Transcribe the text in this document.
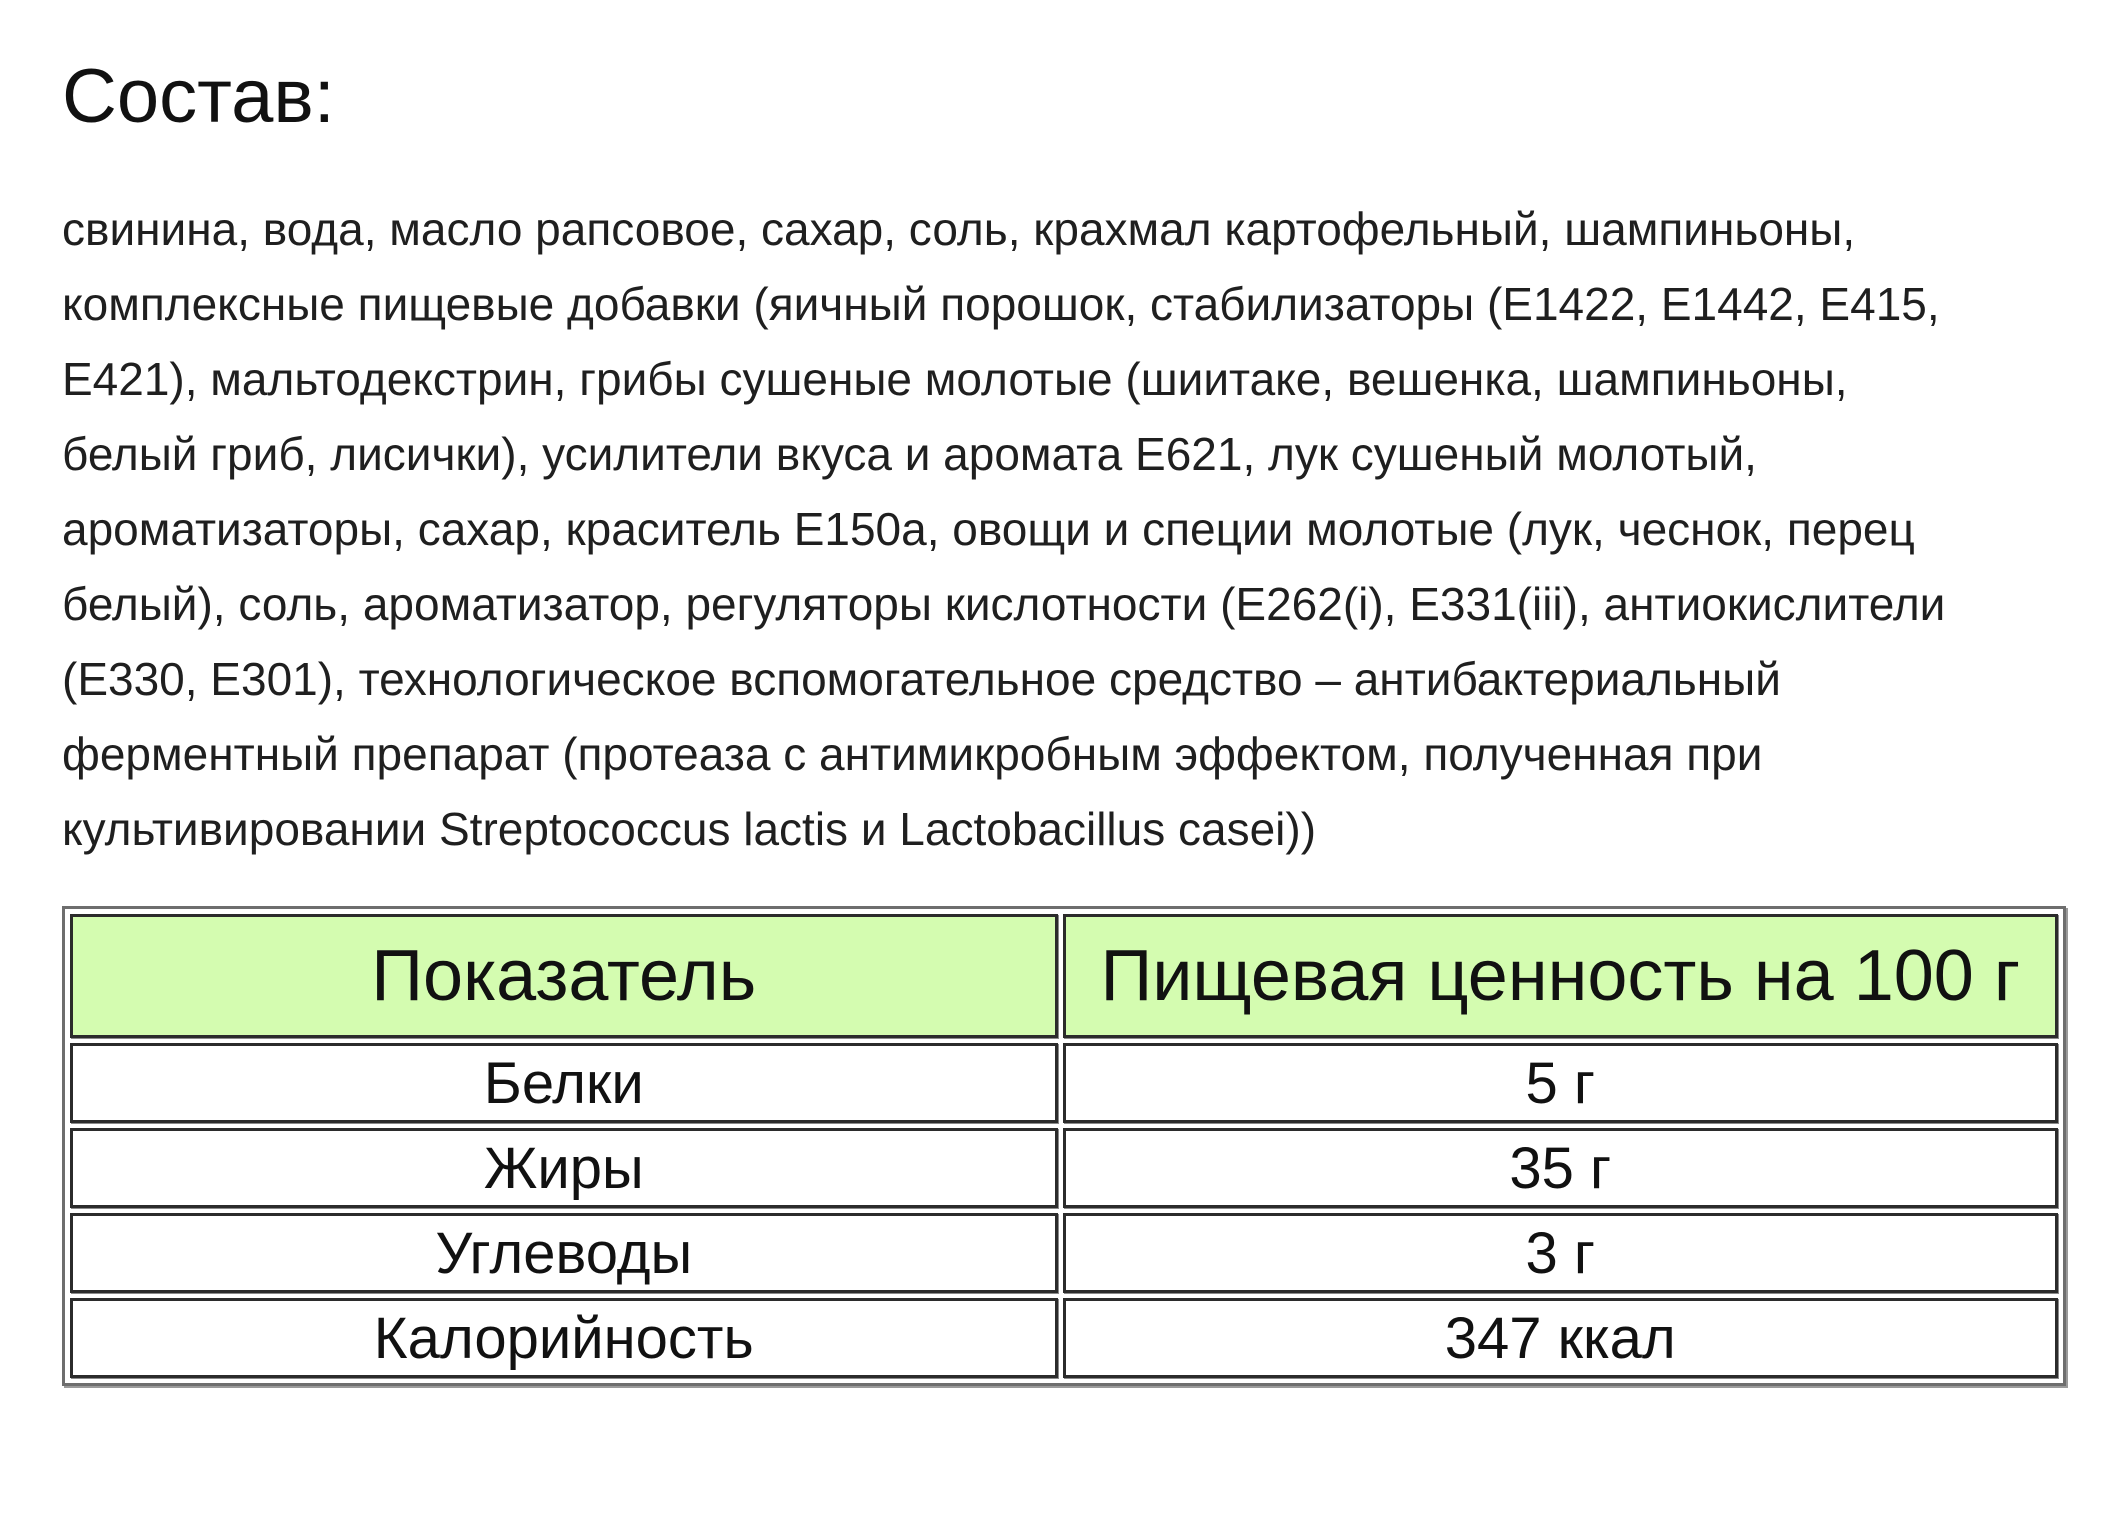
Состав:

свинина, вода, масло рапсовое, сахар, соль, крахмал картофельный, шампиньоны,
комплексные пищевые добавки (яичный порошок, стабилизаторы (Е1422, Е1442, Е415,
Е421), мальтодекстрин, грибы сушеные молотые (шиитаке, вешенка, шампиньоны,
белый гриб, лисички), усилители вкуса и аромата Е621, лук сушеный молотый,
ароматизаторы, сахар, краситель Е150а, овощи и специи молотые (лук, чеснок, перец
белый), соль, ароматизатор, регуляторы кислотности (Е262(i), Е331(iii), антиокислители
(Е330, Е301), технологическое вспомогательное средство – антибактериальный
ферментный препарат (протеаза с антимикробным эффектом, полученная при
культивировании Streptococcus lactis и Lactobacillus casei))

Показатель	Пищевая ценность на 100 г
Белки	5 г
Жиры	35 г
Углеводы	3 г
Калорийность	347 ккал
